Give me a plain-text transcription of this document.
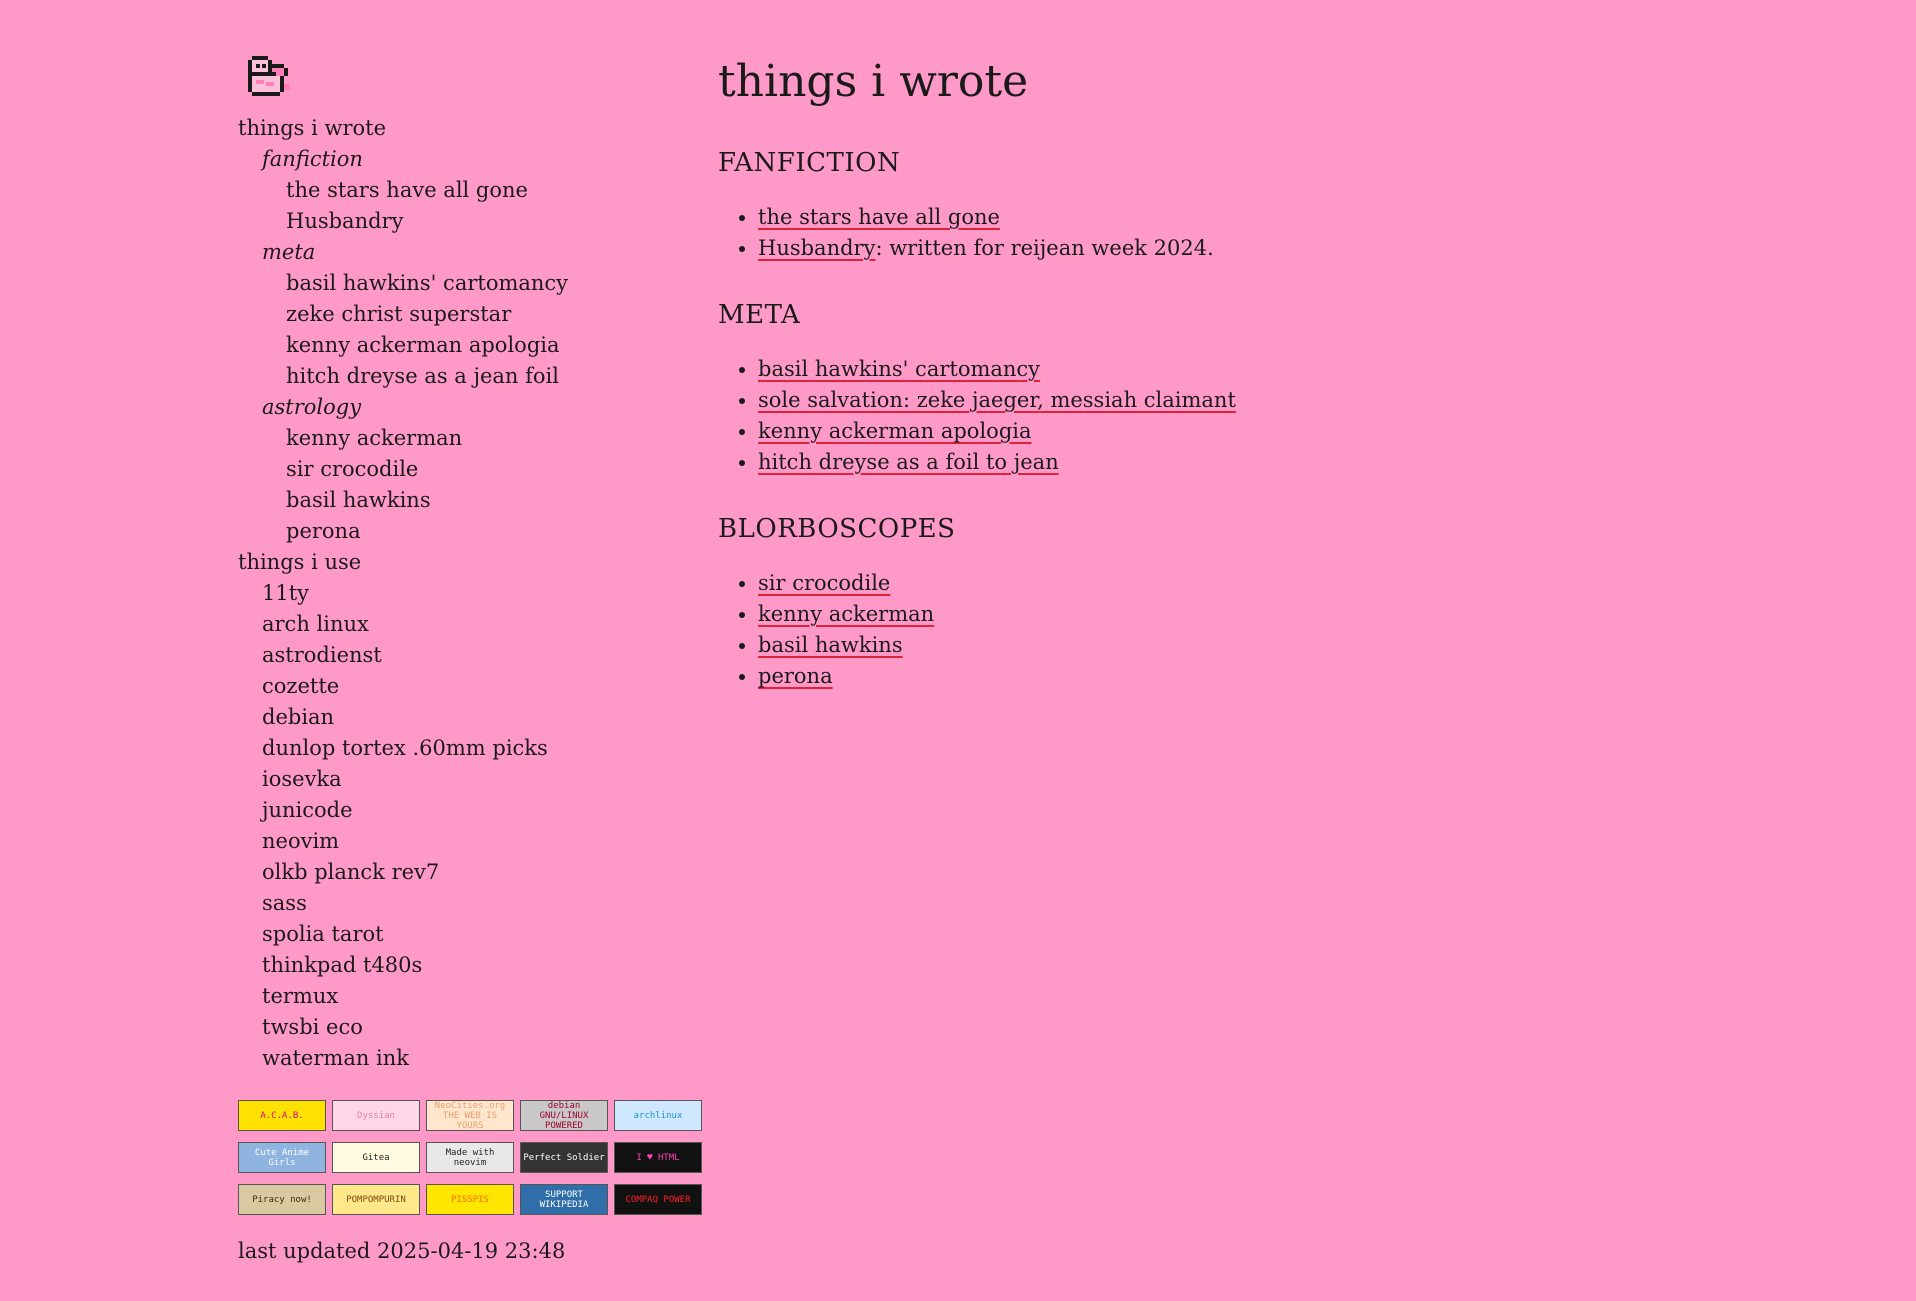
things i wrote
fanfiction
the stars have all gone
Husbandry
meta
basil hawkins' cartomancy
zeke christ superstar
kenny ackerman apologia
hitch dreyse as a jean foil
astrology
kenny ackerman
sir crocodile
basil hawkins
perona
things i use
11ty
arch linux
astrodienst
cozette
debian
dunlop tortex .60mm picks
iosevka
junicode
neovim
olkb planck rev7
sass
spolia tarot
thinkpad t480s
termux
twsbi eco
waterman ink
A.C.A.B.	Dyssian
NeoCities.org THE WEB IS YOURS
debian GNU/LINUX POWERED
archlinux
Cute Anime Girls	Gitea	Made with neovim	Perfect Soldier	I ♥ HTML
Piracy now!	POMPOMPURIN	PISSPIS	SUPPORT WIKIPEDIA	COMPAQ POWER
last updated 2025-04-19 23:48
things i wrote
FANFICTION
• the stars have all gone
• Husbandry: written for reijean week 2024.
META
• basil hawkins' cartomancy
• sole salvation: zeke jaeger, messiah claimant
• kenny ackerman apologia
• hitch dreyse as a foil to jean
BLORBOSCOPES
• sir crocodile
• kenny ackerman
• basil hawkins
• perona
